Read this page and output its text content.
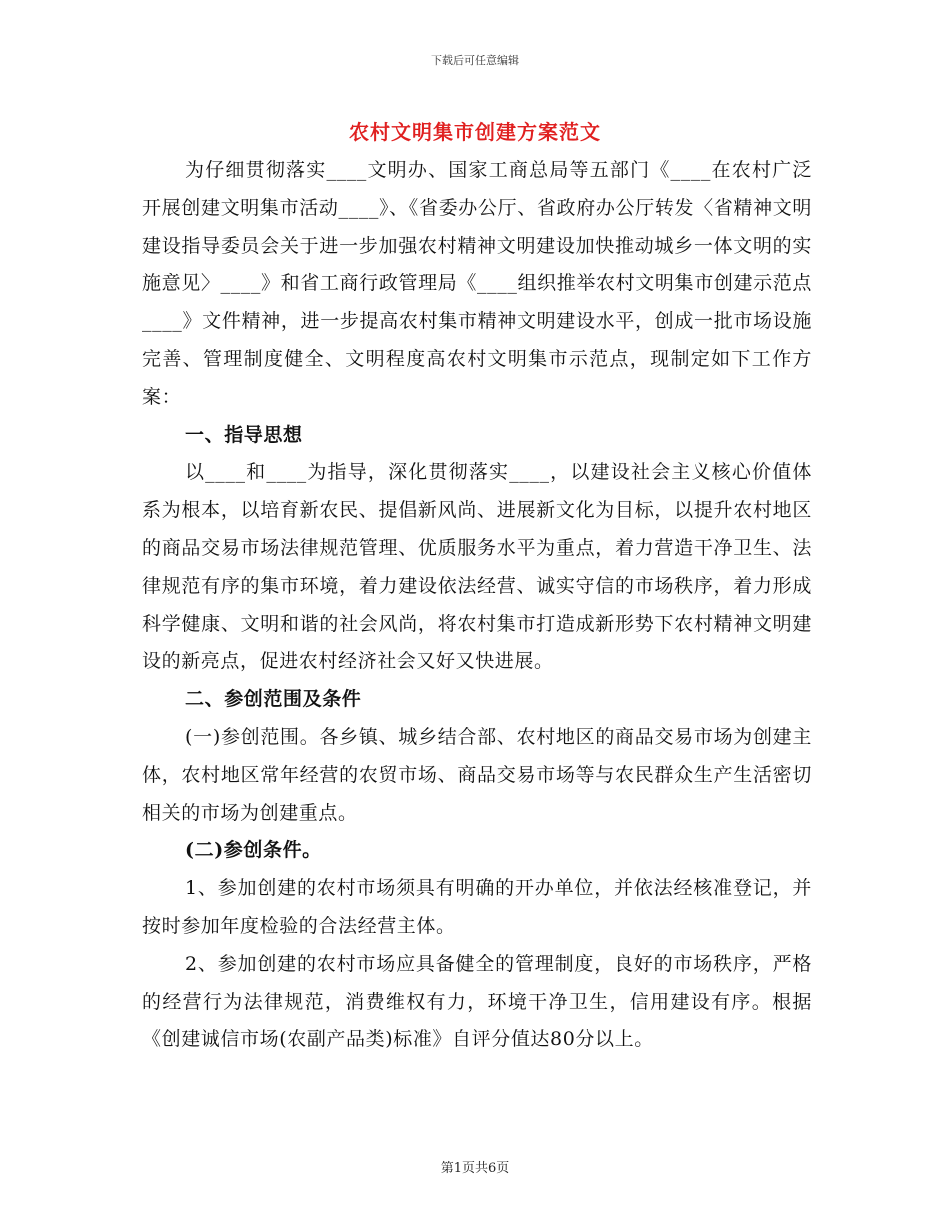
下载后可任意编辑
农村文明集市创建方案范文

为仔细贯彻落实____文明办、国家工商总局等五部门《____在农村广泛开展创建文明集市活动____》、《省委办公厅、省政府办公厅转发〈省精神文明建设指导委员会关于进一步加强农村精神文明建设加快推动城乡一体文明的实施意见〉____》和省工商行政管理局《____组织推举农村文明集市创建示范点____》文件精神，进一步提高农村集市精神文明建设水平，创成一批市场设施完善、管理制度健全、文明程度高农村文明集市示范点，现制定如下工作方案：

一、指导思想

以____和____为指导，深化贯彻落实____，以建设社会主义核心价值体系为根本，以培育新农民、提倡新风尚、进展新文化为目标，以提升农村地区的商品交易市场法律规范管理、优质服务水平为重点，着力营造干净卫生、法律规范有序的集市环境，着力建设依法经营、诚实守信的市场秩序，着力形成科学健康、文明和谐的社会风尚，将农村集市打造成新形势下农村精神文明建设的新亮点，促进农村经济社会又好又快进展。

二、参创范围及条件

(一)参创范围。各乡镇、城乡结合部、农村地区的商品交易市场为创建主体，农村地区常年经营的农贸市场、商品交易市场等与农民群众生产生活密切相关的市场为创建重点。

(二)参创条件。

1、参加创建的农村市场须具有明确的开办单位，并依法经核准登记，并按时参加年度检验的合法经营主体。

2、参加创建的农村市场应具备健全的管理制度，良好的市场秩序，严格的经营行为法律规范，消费维权有力，环境干净卫生，信用建设有序。根据《创建诚信市场(农副产品类)标准》自评分值达80分以上。

第1页共6页
